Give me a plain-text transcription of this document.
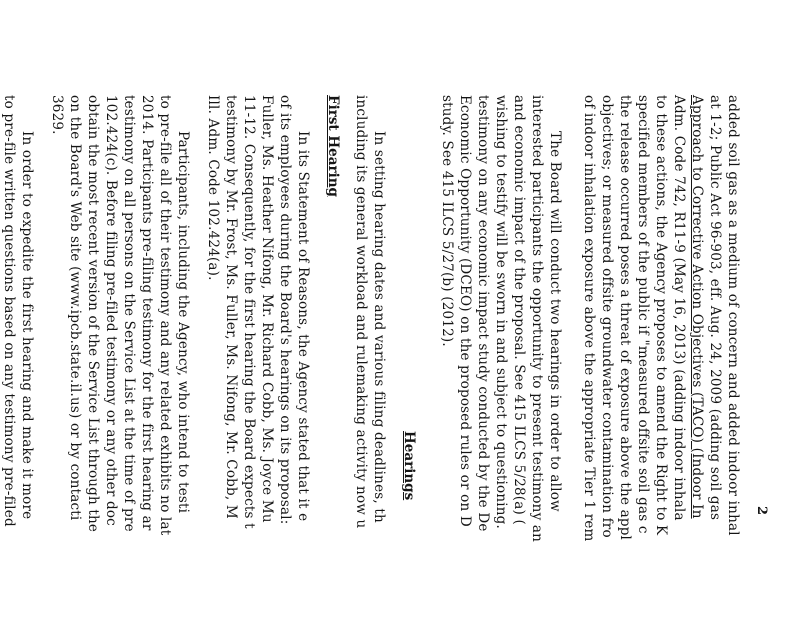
2
added soil gas as a medium of concern and added indoor inhal
at 1-2; Public Act 96-903, eff. Aug. 24, 2009 (adding soil gas
Approach to Corrective Action Objectives (TACO) (Indoor In
Adm. Code 742, R11-9 (May 16, 2013) (adding indoor inhala
to these actions, the Agency proposes to amend the Right to K
specified members of the public if "measured offsite soil gas c
the release occurred poses a threat of exposure above the appl
objectives; or measured offsite groundwater contamination fro
of indoor inhalation exposure above the appropriate Tier 1 rem
The Board will conduct two hearings in order to allow
interested participants the opportunity to present testimony an
and economic impact of the proposal. See 415 ILCS 5/28(a) (
wishing to testify will be sworn in and subject to questioning.
testimony on any economic impact study conducted by the De
Economic Opportunity (DCEO) on the proposed rules or on D
study. See 415 ILCS 5/27(b) (2012).
Hearings
In setting hearing dates and various filing deadlines, th
including its general workload and rulemaking activity now u
First Hearing
In its Statement of Reasons, the Agency stated that it e
of its employees during the Board's hearings on its proposal:
Fuller, Ms. Heather Nifong, Mr. Richard Cobb, Ms. Joyce Mu
11-12. Consequently, for the first hearing the Board expects t
testimony by Mr. Frost, Ms. Fuller, Ms. Nifong, Mr. Cobb, M
Ill. Adm. Code 102.424(a).
Participants, including the Agency, who intend to testi
to pre-file all of their testimony and any related exhibits no lat
2014. Participants pre-filing testimony for the first hearing ar
testimony on all persons on the Service List at the time of pre
102.424(c). Before filing pre-filed testimony or any other doc
obtain the most recent version of the Service List through the
on the Board's Web site (www.ipcb.state.il.us) or by contacti
3629.
In order to expedite the first hearing and make it more
to pre-file written questions based on any testimony pre-filed
